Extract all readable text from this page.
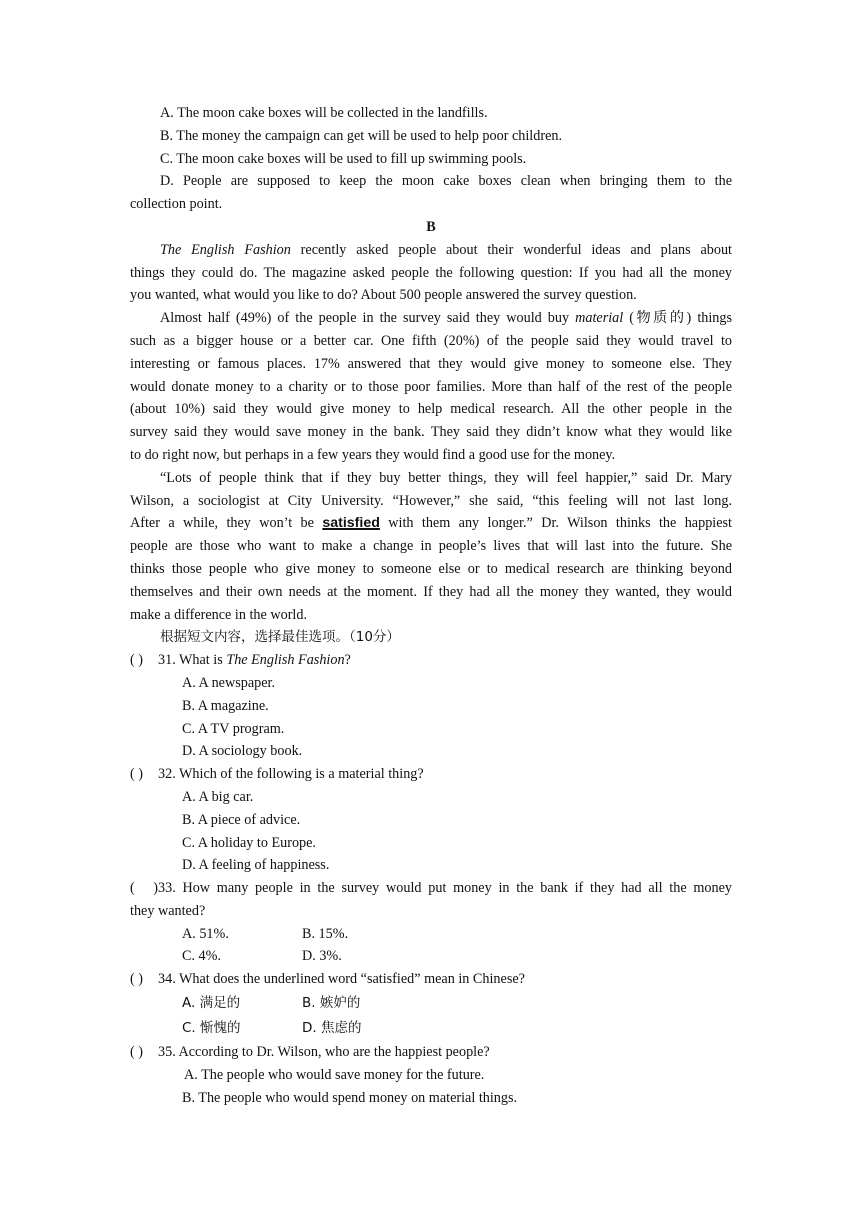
A. The moon cake boxes will be collected in the landfills.
B. The money the campaign can get will be used to help poor children.
C. The moon cake boxes will be used to fill up swimming pools.
D. People are supposed to keep the moon cake boxes clean when bringing them to the
collection point.
B
The English Fashion recently asked people about their wonderful ideas and plans about
things they could do. The magazine asked people the following question: If you had all the money
you wanted, what would you like to do? About 500 people answered the survey question.
Almost half (49%) of the people in the survey said they would buy material (物质的) things
such as a bigger house or a better car. One fifth (20%) of the people said they would travel to
interesting or famous places. 17% answered that they would give money to someone else. They
would donate money to a charity or to those poor families. More than half of the rest of the people
(about 10%) said they would give money to help medical research. All the other people in the
survey said they would save money in the bank. They said they didn’t know what they would like
to do right now, but perhaps in a few years they would find a good use for the money.
“Lots of people think that if they buy better things, they will feel happier,” said Dr. Mary
Wilson, a sociologist at City University. “However,” she said, “this feeling will not last long.
After a while, they won’t be satisfied with them any longer.” Dr. Wilson thinks the happiest
people are those who want to make a change in people’s lives that will last into the future. She
thinks those people who give money to someone else or to medical research are thinking beyond
themselves and their own needs at the moment. If they had all the money they wanted, they would
make a difference in the world.
根据短文内容，选择最佳选项。（10分）
( )	31. What is The English Fashion?
A. A newspaper.
B. A magazine.
C. A TV program.
D. A sociology book.
( )	32. Which of the following is a material thing?
A. A big car.
B. A piece of advice.
C. A holiday to Europe.
D. A feeling of happiness.
( ) 33. How many people in the survey would put money in the bank if they had all the money
they wanted?
A. 51%.	B. 15%.
C. 4%.	D. 3%.
( )	34. What does the underlined word “satisfied” mean in Chinese?
A. 满足的	B. 嫉妒的
C. 惭愧的	D. 焦虑的
( )	35. According to Dr. Wilson, who are the happiest people?
A. The people who would save money for the future.
B. The people who would spend money on material things.
